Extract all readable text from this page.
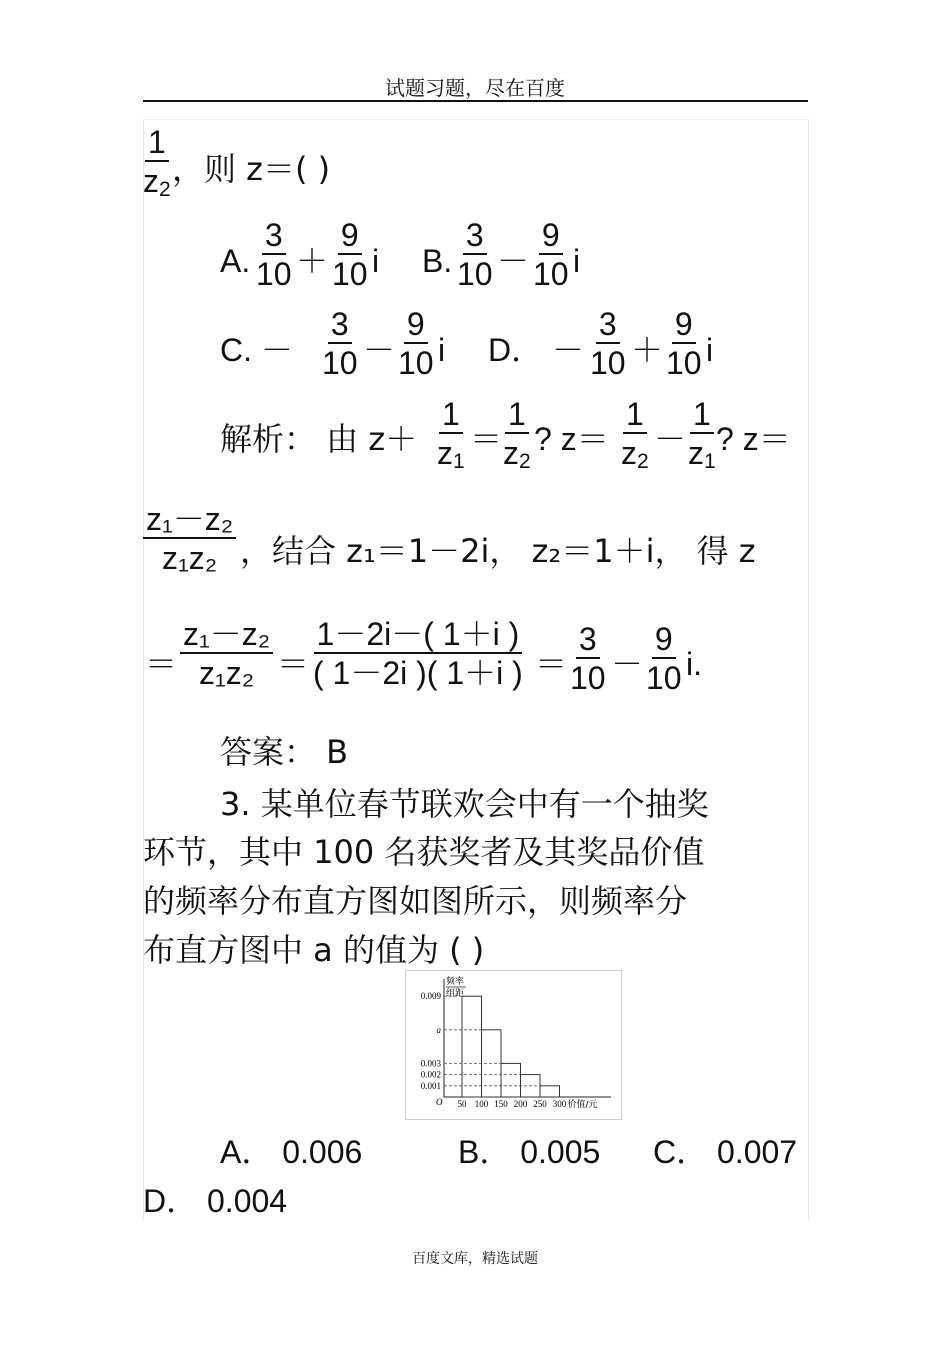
试题习题，尽在百度
$\frac{1}{z2}$ ，则 z＝( )
A. $\frac{3}{10} + \frac{9}{10}$ i B. $\frac{3}{10} - \frac{9}{10}$ i
C. － $\frac{3}{10} - \frac{9}{10}$ i D． － $\frac{3}{10} + \frac{9}{10}$ i
解析： 由 $z+ \frac{1}{z1} = \frac{1}{z2}$ ? $z= \frac{1}{z2} - \frac{1}{z1}$ ? z＝
$\frac{\text{z₁－z₂}}{\text{z₁z₂}}$ ，结合 z₁＝1－2i， z₂＝1＋i， 得 z
＝ $\frac{\text{z₁－z₂}}{\text{z₁z₂}} = \frac{1-2i-( 1+i )}{( 1-2i )( 1+i )} = \frac{3}{10} - \frac{9}{10} i$.
答案： B
3. 某单位春节联欢会中有一个抽奖
环节，其中 100 名获奖者及其奖品价值
的频率分布直方图如图所示，则频率分
布直方图中 a 的值为 ( )
O
频率
组距
0.009
a
0.003
0.002
0.001
50 100 150 200 250 300 价值/元
A． 0.006	B． 0.005 C． 0.007
D． 0.004
百度文库，精选试题
